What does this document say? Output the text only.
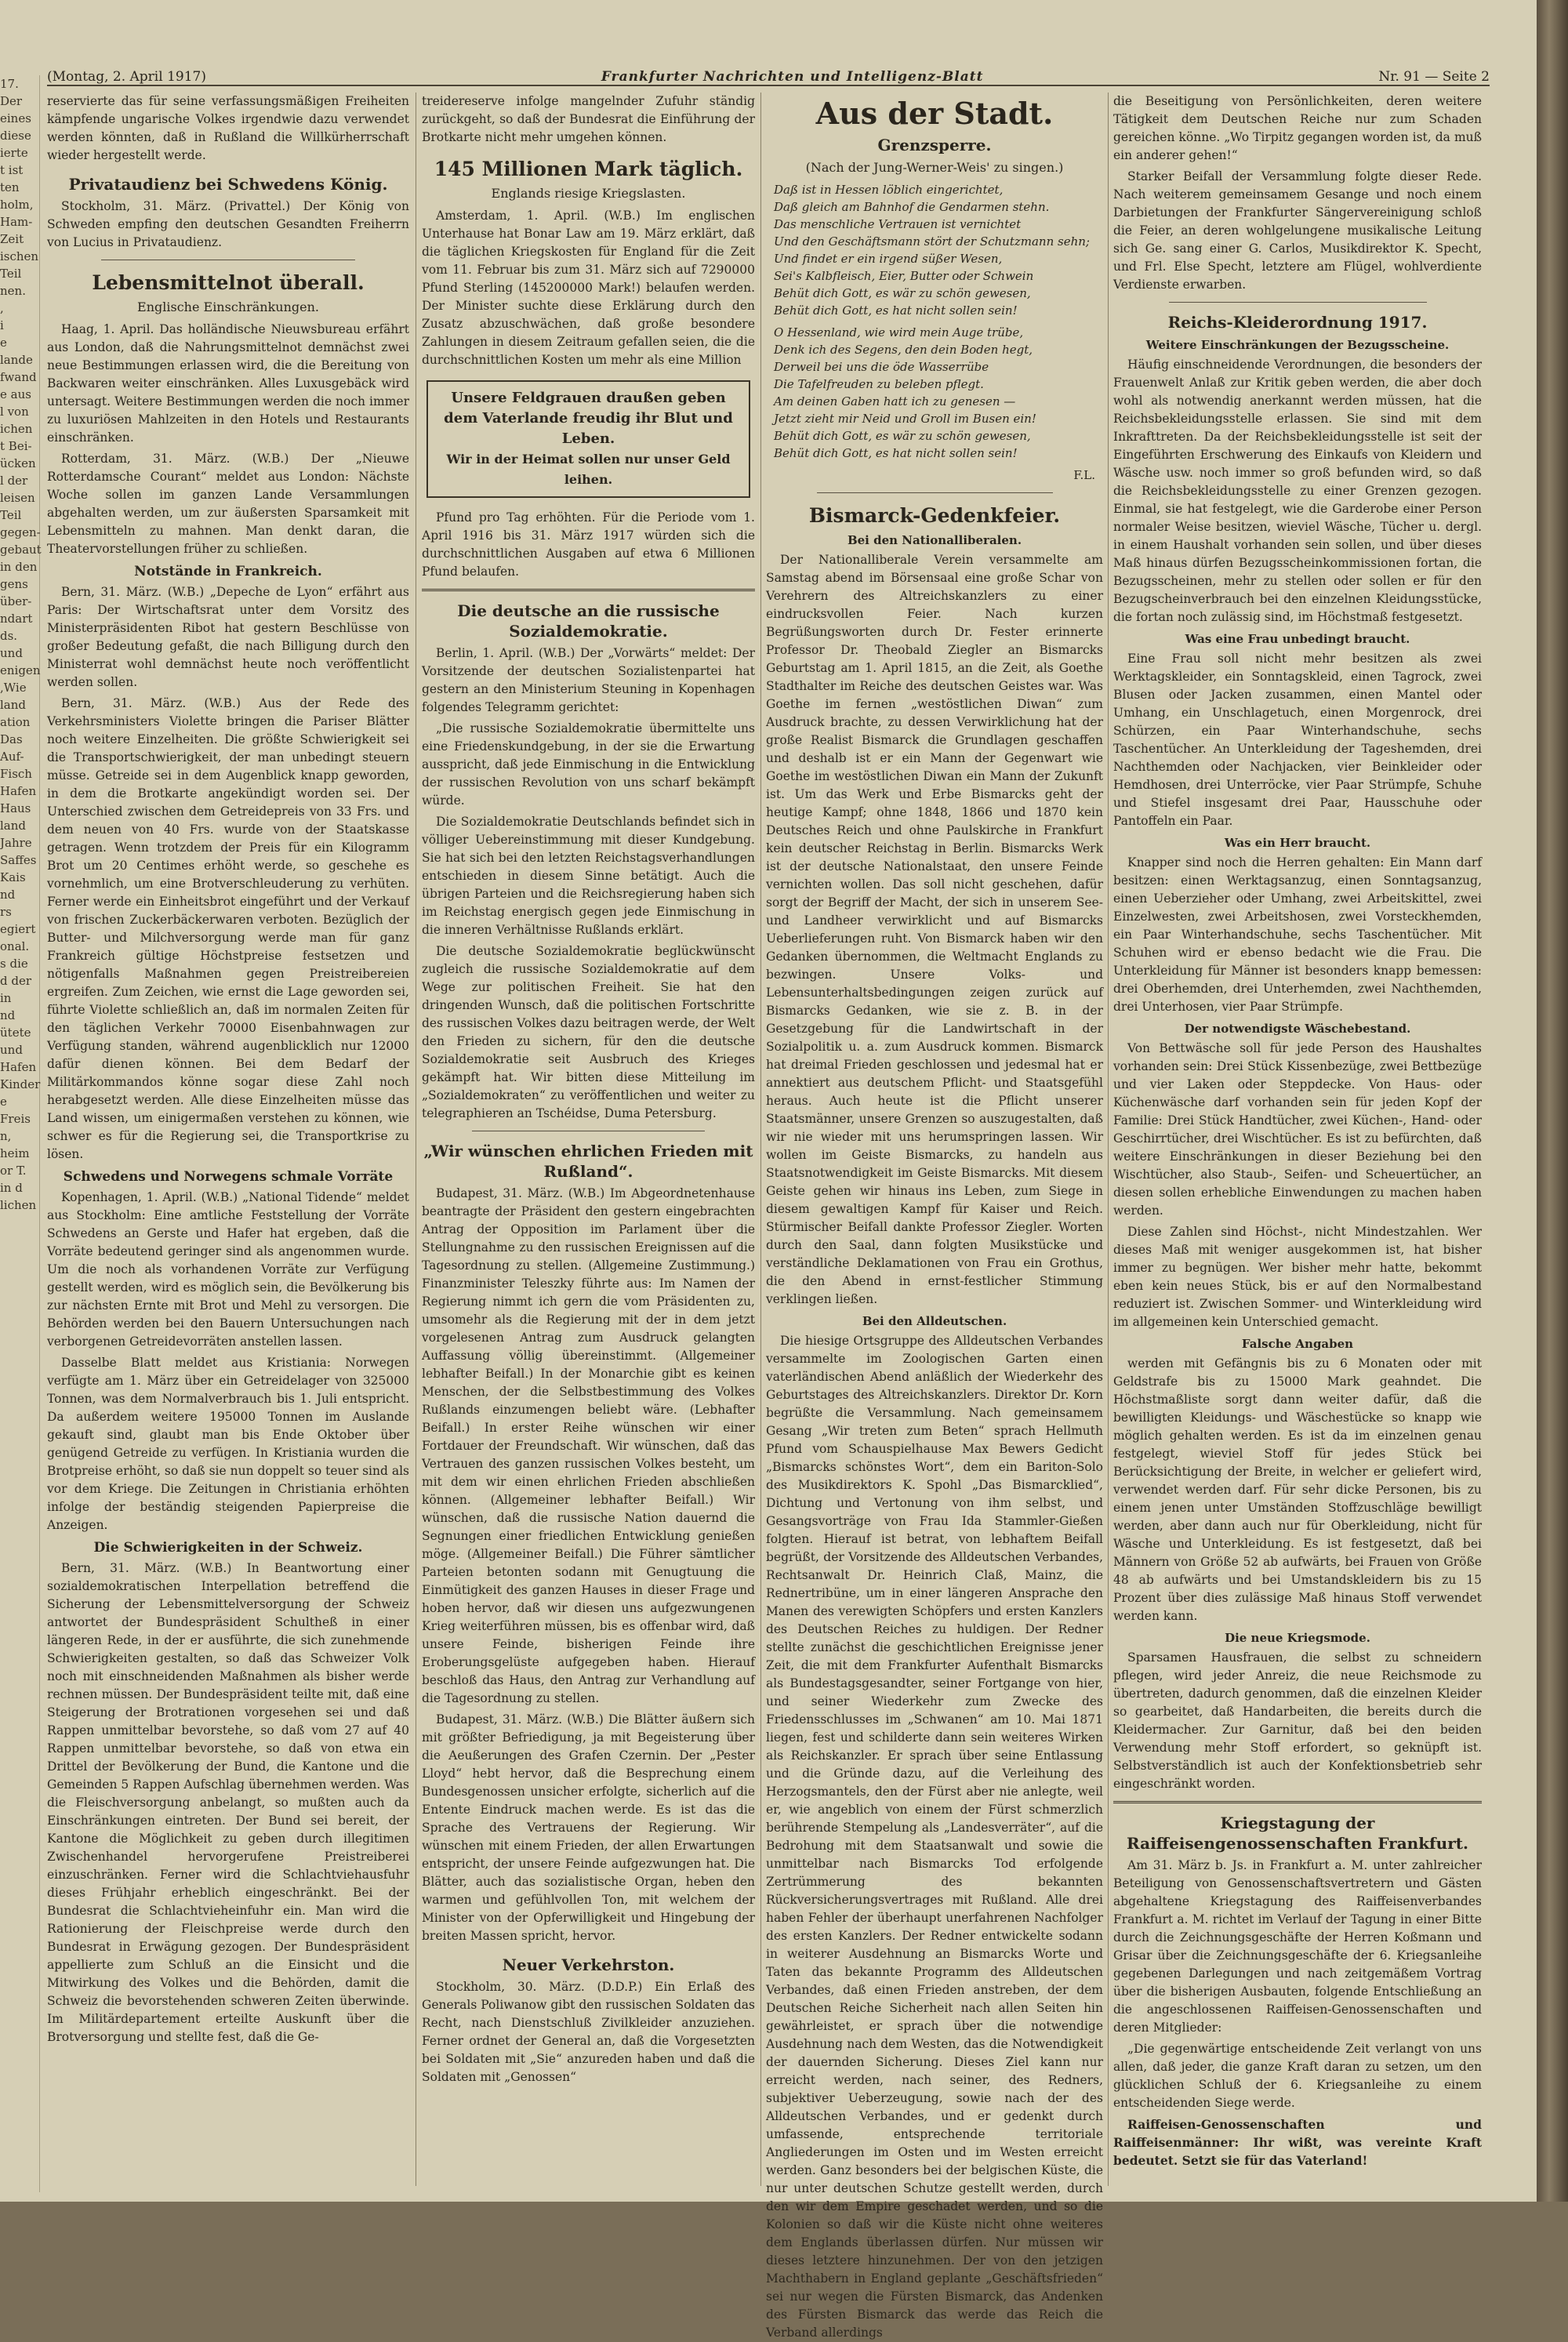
17.
Der
eines
diese
ierte
t ist
ten
holm,
Ham-
Zeit
ischen
Teil
nen.
,
i
e
lande
fwand
e aus
l von
ichen
t Bei-
ücken
l der
leisen
Teil
gegen-
gebaut
in den
gens
über-
ndart
ds.
und
enigen
,Wie
land
ation
Das
Auf-
Fisch
Hafen
Haus
land
Jahre
Saffes
Kais
nd
rs
egiert
onal.
s die
d der
in
nd
ütete
und
Hafen
Kinder
e
Freis
n,
heim
or T.
in d
lichen
(Montag, 2. April 1917)	Frankfurter Nachrichten und Intelligenz-Blatt	Nr. 91 — Seite 2

reservierte das für seine verfassungsmäßigen Freiheiten kämpfende ungarische Volkes irgendwie dazu verwendet werden könnten, daß in Rußland die Willkürherrschaft wieder hergestellt werde.

Privataudienz bei Schwedens König.

Stockholm, 31. März. (Privattel.) Der König von Schweden empfing den deutschen Gesandten Freiherrn von Lucius in Privataudienz.

Lebensmittelnot überall.
Englische Einschränkungen.

Haag, 1. April. Das holländische Nieuwsbureau erfährt aus London, daß die Nahrungsmittelnot demnächst zwei neue Bestimmungen erlassen wird, die die Bereitung von Backwaren weiter einschränken. Alles Luxusgebäck wird untersagt. Weitere Bestimmungen werden die noch immer zu luxuriösen Mahlzeiten in den Hotels und Restaurants einschränken.

Rotterdam, 31. März. (W.B.) Der „Nieuwe Rotterdamsche Courant“ meldet aus London: Nächste Woche sollen im ganzen Lande Versammlungen abgehalten werden, um zur äußersten Sparsamkeit mit Lebensmitteln zu mahnen. Man denkt daran, die Theatervorstellungen früher zu schließen.

Notstände in Frankreich.

Bern, 31. März. (W.B.) „Depeche de Lyon“ erfährt aus Paris: Der Wirtschaftsrat unter dem Vorsitz des Ministerpräsidenten Ribot hat gestern Beschlüsse von großer Bedeutung gefaßt, die nach Billigung durch den Ministerrat wohl demnächst heute noch veröffentlicht werden sollen.

Bern, 31. März. (W.B.) Aus der Rede des Verkehrsministers Violette bringen die Pariser Blätter noch weitere Einzelheiten. Die größte Schwierigkeit sei die Transportschwierigkeit, der man unbedingt steuern müsse. Getreide sei in dem Augenblick knapp geworden, in dem die Brotkarte angekündigt worden sei. Der Unterschied zwischen dem Getreidepreis von 33 Frs. und dem neuen von 40 Frs. wurde von der Staatskasse getragen. Wenn trotzdem der Preis für ein Kilogramm Brot um 20 Centimes erhöht werde, so geschehe es vornehmlich, um eine Brotverschleuderung zu verhüten. Ferner werde ein Einheitsbrot eingeführt und der Verkauf von frischen Zuckerbäckerwaren verboten. Bezüglich der Butter- und Milchversorgung werde man für ganz Frankreich gültige Höchstpreise festsetzen und nötigenfalls Maßnahmen gegen Preistreibereien ergreifen. Zum Zeichen, wie ernst die Lage geworden sei, führte Violette schließlich an, daß im normalen Zeiten für den täglichen Verkehr 70000 Eisenbahnwagen zur Verfügung standen, während augenblicklich nur 12000 dafür dienen können. Bei dem Bedarf der Militärkommandos könne sogar diese Zahl noch herabgesetzt werden. Alle diese Einzelheiten müsse das Land wissen, um einigermaßen verstehen zu können, wie schwer es für die Regierung sei, die Transportkrise zu lösen.

Schwedens und Norwegens schmale Vorräte

Kopenhagen, 1. April. (W.B.) „National Tidende“ meldet aus Stockholm: Eine amtliche Feststellung der Vorräte Schwedens an Gerste und Hafer hat ergeben, daß die Vorräte bedeutend geringer sind als angenommen wurde. Um die noch als vorhandenen Vorräte zur Verfügung gestellt werden, wird es möglich sein, die Bevölkerung bis zur nächsten Ernte mit Brot und Mehl zu versorgen. Die Behörden werden bei den Bauern Untersuchungen nach verborgenen Getreidevorräten anstellen lassen.

Dasselbe Blatt meldet aus Kristiania: Norwegen verfügte am 1. März über ein Getreidelager von 325000 Tonnen, was dem Normalverbrauch bis 1. Juli entspricht. Da außerdem weitere 195000 Tonnen im Auslande gekauft sind, glaubt man bis Ende Oktober über genügend Getreide zu verfügen. In Kristiania wurden die Brotpreise erhöht, so daß sie nun doppelt so teuer sind als vor dem Kriege. Die Zeitungen in Christiania erhöhten infolge der beständig steigenden Papierpreise die Anzeigen.

Die Schwierigkeiten in der Schweiz.

Bern, 31. März. (W.B.) In Beantwortung einer sozialdemokratischen Interpellation betreffend die Sicherung der Lebensmittelversorgung der Schweiz antwortet der Bundespräsident Schultheß in einer längeren Rede, in der er ausführte, die sich zunehmende Schwierigkeiten gestalten, so daß das Schweizer Volk noch mit einschneidenden Maßnahmen als bisher werde rechnen müssen. Der Bundespräsident teilte mit, daß eine Steigerung der Brotrationen vorgesehen sei und daß Rappen unmittelbar bevorstehe, so daß vom 27 auf 40 Rappen unmittelbar bevorstehe, so daß von etwa ein Drittel der Bevölkerung der Bund, die Kantone und die Gemeinden 5 Rappen Aufschlag übernehmen werden. Was die Fleischversorgung anbelangt, so mußten auch da Einschränkungen eintreten. Der Bund sei bereit, der Kantone die Möglichkeit zu geben durch illegitimen Zwischenhandel hervorgerufene Preistreiberei einzuschränken. Ferner wird die Schlachtviehausfuhr dieses Frühjahr erheblich eingeschränkt. Bei der Bundesrat die Schlachtvieheinfuhr ein. Man wird die Rationierung der Fleischpreise werde durch den Bundesrat in Erwägung gezogen. Der Bundespräsident appellierte zum Schluß an die Einsicht und die Mitwirkung des Volkes und die Behörden, damit die Schweiz die bevorstehenden schweren Zeiten überwinde. Im Militärdepartement erteilte Auskunft über die Brotversorgung und stellte fest, daß die Ge-

treidereserve infolge mangelnder Zufuhr ständig zurückgeht, so daß der Bundesrat die Einführung der Brotkarte nicht mehr umgehen können.

145 Millionen Mark täglich.
Englands riesige Kriegslasten.

Amsterdam, 1. April. (W.B.) Im englischen Unterhause hat Bonar Law am 19. März erklärt, daß die täglichen Kriegskosten für England für die Zeit vom 11. Februar bis zum 31. März sich auf 7290000 Pfund Sterling (145200000 Mark!) belaufen werden. Der Minister suchte diese Erklärung durch den Zusatz abzuschwächen, daß große besondere Zahlungen in diesem Zeitraum gefallen seien, die die durchschnittlichen Kosten um mehr als eine Million

Unsere Feldgrauen draußen geben dem Vaterlande freudig ihr Blut und Leben.
Wir in der Heimat sollen nur unser Geld leihen.

Pfund pro Tag erhöhten. Für die Periode vom 1. April 1916 bis 31. März 1917 würden sich die durchschnittlichen Ausgaben auf etwa 6 Millionen Pfund belaufen.

Die deutsche an die russische Sozialdemokratie.

Berlin, 1. April. (W.B.) Der „Vorwärts“ meldet: Der Vorsitzende der deutschen Sozialistenpartei hat gestern an den Ministerium Steuning in Kopenhagen folgendes Telegramm gerichtet:

„Die russische Sozialdemokratie übermittelte uns eine Friedenskundgebung, in der sie die Erwartung ausspricht, daß jede Einmischung in die Entwicklung der russischen Revolution von uns scharf bekämpft würde.

Die Sozialdemokratie Deutschlands befindet sich in völliger Uebereinstimmung mit dieser Kundgebung. Sie hat sich bei den letzten Reichstagsverhandlungen entschieden in diesem Sinne betätigt. Auch die übrigen Parteien und die Reichsregierung haben sich im Reichstag energisch gegen jede Einmischung in die inneren Verhältnisse Rußlands erklärt.

Die deutsche Sozialdemokratie beglückwünscht zugleich die russische Sozialdemokratie auf dem Wege zur politischen Freiheit. Sie hat den dringenden Wunsch, daß die politischen Fortschritte des russischen Volkes dazu beitragen werde, der Welt den Frieden zu sichern, für den die deutsche Sozialdemokratie seit Ausbruch des Krieges gekämpft hat. Wir bitten diese Mitteilung im „Sozialdemokraten“ zu veröffentlichen und weiter zu telegraphieren an Tschéidse, Duma Petersburg.

„Wir wünschen ehrlichen Frieden mit Rußland“.

Budapest, 31. März. (W.B.) Im Abgeordnetenhause beantragte der Präsident den gestern eingebrachten Antrag der Opposition im Parlament über die Stellungnahme zu den russischen Ereignissen auf die Tagesordnung zu stellen. (Allgemeine Zustimmung.) Finanzminister Teleszky führte aus: Im Namen der Regierung nimmt ich gern die vom Präsidenten zu, umsomehr als die Regierung mit der in dem jetzt vorgelesenen Antrag zum Ausdruck gelangten Auffassung völlig übereinstimmt. (Allgemeiner lebhafter Beifall.) In der Monarchie gibt es keinen Menschen, der die Selbstbestimmung des Volkes Rußlands einzumengen beliebt wäre. (Lebhafter Beifall.) In erster Reihe wünschen wir einer Fortdauer der Freundschaft. Wir wünschen, daß das Vertrauen des ganzen russischen Volkes besteht, um mit dem wir einen ehrlichen Frieden abschließen können. (Allgemeiner lebhafter Beifall.) Wir wünschen, daß die russische Nation dauernd die Segnungen einer friedlichen Entwicklung genießen möge. (Allgemeiner Beifall.) Die Führer sämtlicher Parteien betonten sodann mit Genugtuung die Einmütigkeit des ganzen Hauses in dieser Frage und hoben hervor, daß wir diesen uns aufgezwungenen Krieg weiterführen müssen, bis es offenbar wird, daß unsere Feinde, bisherigen Feinde ihre Eroberungsgelüste aufgegeben haben. Hierauf beschloß das Haus, den Antrag zur Verhandlung auf die Tagesordnung zu stellen.

Budapest, 31. März. (W.B.) Die Blätter äußern sich mit größter Befriedigung, ja mit Begeisterung über die Aeußerungen des Grafen Czernin. Der „Pester Lloyd“ hebt hervor, daß die Besprechung einem Bundesgenossen unsicher erfolgte, sicherlich auf die Entente Eindruck machen werde. Es ist das die Sprache des Vertrauens der Regierung. Wir wünschen mit einem Frieden, der allen Erwartungen entspricht, der unsere Feinde aufgezwungen hat. Die Blätter, auch das sozialistische Organ, heben den warmen und gefühlvollen Ton, mit welchem der Minister von der Opferwilligkeit und Hingebung der breiten Massen spricht, hervor.

Neuer Verkehrston.

Stockholm, 30. März. (D.D.P.) Ein Erlaß des Generals Poliwanow gibt den russischen Soldaten das Recht, nach Dienstschluß Zivilkleider anzuziehen. Ferner ordnet der General an, daß die Vorgesetzten bei Soldaten mit „Sie“ anzureden haben und daß die Soldaten mit „Genossen“

Aus der Stadt.
Grenzsperre.
(Nach der Jung-Werner-Weis' zu singen.)
Daß ist in Hessen löblich eingerichtet,
Daß gleich am Bahnhof die Gendarmen stehn.
Das menschliche Vertrauen ist vernichtet
Und den Geschäftsmann stört der Schutzmann sehn;
Und findet er ein irgend süßer Wesen,
Sei's Kalbfleisch, Eier, Butter oder Schwein
Behüt dich Gott, es wär zu schön gewesen,
Behüt dich Gott, es hat nicht sollen sein!
O Hessenland, wie wird mein Auge trübe,
Denk ich des Segens, den dein Boden hegt,
Derweil bei uns die öde Wasserrübe
Die Tafelfreuden zu beleben pflegt.
Am deinen Gaben hatt ich zu genesen —
Jetzt zieht mir Neid und Groll im Busen ein!
Behüt dich Gott, es wär zu schön gewesen,
Behüt dich Gott, es hat nicht sollen sein!
F.L.
Bismarck-Gedenkfeier.
Bei den Nationalliberalen.

Der Nationalliberale Verein versammelte am Samstag abend im Börsensaal eine große Schar von Verehrern des Altreichskanzlers zu einer eindrucksvollen Feier. Nach kurzen Begrüßungsworten durch Dr. Fester erinnerte Professor Dr. Theobald Ziegler an Bismarcks Geburtstag am 1. April 1815, an die Zeit, als Goethe Stadthalter im Reiche des deutschen Geistes war. Was Goethe im fernen „westöstlichen Diwan“ zum Ausdruck brachte, zu dessen Verwirklichung hat der große Realist Bismarck die Grundlagen geschaffen und deshalb ist er ein Mann der Gegenwart wie Goethe im westöstlichen Diwan ein Mann der Zukunft ist. Um das Werk und Erbe Bismarcks geht der heutige Kampf; ohne 1848, 1866 und 1870 kein Deutsches Reich und ohne Paulskirche in Frankfurt kein deutscher Reichstag in Berlin. Bismarcks Werk ist der deutsche Nationalstaat, den unsere Feinde vernichten wollen. Das soll nicht geschehen, dafür sorgt der Begriff der Macht, der sich in unserem See- und Landheer verwirklicht und auf Bismarcks Ueberlieferungen ruht. Von Bismarck haben wir den Gedanken übernommen, die Weltmacht Englands zu bezwingen. Unsere Volks- und Lebensunterhaltsbedingungen zeigen zurück auf Bismarcks Gedanken, wie sie z. B. in der Gesetzgebung für die Landwirtschaft in der Sozialpolitik u. a. zum Ausdruck kommen. Bismarck hat dreimal Frieden geschlossen und jedesmal hat er annektiert aus deutschem Pflicht- und Staatsgefühl heraus. Auch heute ist die Pflicht unserer Staatsmänner, unsere Grenzen so auszugestalten, daß wir nie wieder mit uns herumspringen lassen. Wir wollen im Geiste Bismarcks, zu handeln aus Staatsnotwendigkeit im Geiste Bismarcks. Mit diesem Geiste gehen wir hinaus ins Leben, zum Siege in diesem gewaltigen Kampf für Kaiser und Reich. Stürmischer Beifall dankte Professor Ziegler. Worten durch den Saal, dann folgten Musikstücke und verständliche Deklamationen von Frau ein Grothus, die den Abend in ernst-festlicher Stimmung verklingen ließen.

Bei den Alldeutschen.

Die hiesige Ortsgruppe des Alldeutschen Verbandes versammelte im Zoologischen Garten einen vaterländischen Abend anläßlich der Wiederkehr des Geburtstages des Altreichskanzlers. Direktor Dr. Korn begrüßte die Versammlung. Nach gemeinsamem Gesang „Wir treten zum Beten“ sprach Hellmuth Pfund vom Schauspielhause Max Bewers Gedicht „Bismarcks schönstes Wort“, dem ein Bariton-Solo des Musikdirektors K. Spohl „Das Bismarcklied“, Dichtung und Vertonung von ihm selbst, und Gesangsvorträge von Frau Ida Stammler-Gießen folgten. Hierauf ist betrat, von lebhaftem Beifall begrüßt, der Vorsitzende des Alldeutschen Verbandes, Rechtsanwalt Dr. Heinrich Claß, Mainz, die Rednertribüne, um in einer längeren Ansprache den Manen des verewigten Schöpfers und ersten Kanzlers des Deutschen Reiches zu huldigen. Der Redner stellte zunächst die geschichtlichen Ereignisse jener Zeit, die mit dem Frankfurter Aufenthalt Bismarcks als Bundestagsgesandter, seiner Fortgange von hier, und seiner Wiederkehr zum Zwecke des Friedensschlusses im „Schwanen“ am 10. Mai 1871 liegen, fest und schilderte dann sein weiteres Wirken als Reichskanzler. Er sprach über seine Entlassung und die Gründe dazu, auf die Verleihung des Herzogsmantels, den der Fürst aber nie anlegte, weil er, wie angeblich von einem der Fürst schmerzlich berührende Stempelung als „Landesverräter“, auf die Bedrohung mit dem Staatsanwalt und sowie die unmittelbar nach Bismarcks Tod erfolgende Zertrümmerung des bekannten Rückversicherungsvertrages mit Rußland. Alle drei haben Fehler der überhaupt unerfahrenen Nachfolger des ersten Kanzlers. Der Redner entwickelte sodann in weiterer Ausdehnung an Bismarcks Worte und Taten das bekannte Programm des Alldeutschen Verbandes, daß einen Frieden anstreben, der dem Deutschen Reiche Sicherheit nach allen Seiten hin gewährleistet, er sprach über die notwendige Ausdehnung nach dem Westen, das die Notwendigkeit der dauernden Sicherung. Dieses Ziel kann nur erreicht werden, nach seiner, des Redners, subjektiver Ueberzeugung, sowie nach der des Alldeutschen Verbandes, und er gedenkt durch umfassende, entsprechende territoriale Angliederungen im Osten und im Westen erreicht werden. Ganz besonders bei der belgischen Küste, die nur unter deutschen Schutze gestellt werden, durch den wir dem Empire geschadet werden, und so die Kolonien so daß wir die Küste nicht ohne weiteres dem Englands überlassen dürfen. Nur müssen wir dieses letztere hinzunehmen. Der von den jetzigen Machthabern in England geplante „Geschäftsfrieden“ sei nur wegen die Fürsten Bismarck, das Andenken des Fürsten Bismarck das werde das Reich die Verband allerdings

die Beseitigung von Persönlichkeiten, deren weitere Tätigkeit dem Deutschen Reiche nur zum Schaden gereichen könne. „Wo Tirpitz gegangen worden ist, da muß ein anderer gehen!“

Starker Beifall der Versammlung folgte dieser Rede. Nach weiterem gemeinsamem Gesange und noch einem Darbietungen der Frankfurter Sängervereinigung schloß die Feier, an deren wohlgelungene musikalische Leitung sich Ge. sang einer G. Carlos, Musikdirektor K. Specht, und Frl. Else Specht, letztere am Flügel, wohlverdiente Verdienste erwarben.

Reichs-Kleiderordnung 1917.
Weitere Einschränkungen der Bezugsscheine.

Häufig einschneidende Verordnungen, die besonders der Frauenwelt Anlaß zur Kritik geben werden, die aber doch wohl als notwendig anerkannt werden müssen, hat die Reichsbekleidungsstelle erlassen. Sie sind mit dem Inkrafttreten. Da der Reichsbekleidungsstelle ist seit der Eingeführten Erschwerung des Einkaufs von Kleidern und Wäsche usw. noch immer so groß befunden wird, so daß die Reichsbekleidungsstelle zu einer Grenzen gezogen. Einmal, sie hat festgelegt, wie die Garderobe einer Person normaler Weise besitzen, wieviel Wäsche, Tücher u. dergl. in einem Haushalt vorhanden sein sollen, und über dieses Maß hinaus dürfen Bezugsscheinkommissionen fortan, die Bezugsscheinen, mehr zu stellen oder sollen er für den Bezugscheinverbrauch bei den einzelnen Kleidungsstücke, die fortan noch zulässig sind, im Höchstmaß festgesetzt.

Was eine Frau unbedingt braucht.

Eine Frau soll nicht mehr besitzen als zwei Werktagskleider, ein Sonntagskleid, einen Tagrock, zwei Blusen oder Jacken zusammen, einen Mantel oder Umhang, ein Unschlagetuch, einen Morgenrock, drei Schürzen, ein Paar Winterhandschuhe, sechs Taschentücher. An Unterkleidung der Tageshemden, drei Nachthemden oder Nachjacken, vier Beinkleider oder Hemdhosen, drei Unterröcke, vier Paar Strümpfe, Schuhe und Stiefel insgesamt drei Paar, Hausschuhe oder Pantoffeln ein Paar.

Was ein Herr braucht.

Knapper sind noch die Herren gehalten: Ein Mann darf besitzen: einen Werktagsanzug, einen Sonntagsanzug, einen Ueberzieher oder Umhang, zwei Arbeitskittel, zwei Einzelwesten, zwei Arbeitshosen, zwei Vorsteckhemden, ein Paar Winterhandschuhe, sechs Taschentücher. Mit Schuhen wird er ebenso bedacht wie die Frau. Die Unterkleidung für Männer ist besonders knapp bemessen: drei Oberhemden, drei Unterhemden, zwei Nachthemden, drei Unterhosen, vier Paar Strümpfe.

Der notwendigste Wäschebestand.

Von Bettwäsche soll für jede Person des Haushaltes vorhanden sein: Drei Stück Kissenbezüge, zwei Bettbezüge und vier Laken oder Steppdecke. Von Haus- oder Küchenwäsche darf vorhanden sein für jeden Kopf der Familie: Drei Stück Handtücher, zwei Küchen-, Hand- oder Geschirrtücher, drei Wischtücher. Es ist zu befürchten, daß weitere Einschränkungen in dieser Beziehung bei den Wischtücher, also Staub-, Seifen- und Scheuertücher, an diesen sollen erhebliche Einwendungen zu machen haben werden.

Diese Zahlen sind Höchst-, nicht Mindestzahlen. Wer dieses Maß mit weniger ausgekommen ist, hat bisher immer zu begnügen. Wer bisher mehr hatte, bekommt eben kein neues Stück, bis er auf den Normalbestand reduziert ist. Zwischen Sommer- und Winterkleidung wird im allgemeinen kein Unterschied gemacht.

Falsche Angaben

werden mit Gefängnis bis zu 6 Monaten oder mit Geldstrafe bis zu 15000 Mark geahndet. Die Höchstmaßliste sorgt dann weiter dafür, daß die bewilligten Kleidungs- und Wäschestücke so knapp wie möglich gehalten werden. Es ist da im einzelnen genau festgelegt, wieviel Stoff für jedes Stück bei Berücksichtigung der Breite, in welcher er geliefert wird, verwendet werden darf. Für sehr dicke Personen, bis zu einem jenen unter Umständen Stoffzuschläge bewilligt werden, aber dann auch nur für Oberkleidung, nicht für Wäsche und Unterkleidung. Es ist festgesetzt, daß bei Männern von Größe 52 ab aufwärts, bei Frauen von Größe 48 ab aufwärts und bei Umstandskleidern bis zu 15 Prozent über dies zulässige Maß hinaus Stoff verwendet werden kann.

Die neue Kriegsmode.

Sparsamen Hausfrauen, die selbst zu schneidern pflegen, wird jeder Anreiz, die neue Reichsmode zu übertreten, dadurch genommen, daß die einzelnen Kleider so gearbeitet, daß Handarbeiten, die bereits durch die Kleidermacher. Zur Garnitur, daß bei den beiden Verwendung mehr Stoff erfordert, so geknüpft ist. Selbstverständlich ist auch der Konfektionsbetrieb sehr eingeschränkt worden.

Kriegstagung der Raiffeisengenossenschaften Frankfurt.

Am 31. März b. Js. in Frankfurt a. M. unter zahlreicher Beteiligung von Genossenschaftsvertretern und Gästen abgehaltene Kriegstagung des Raiffeisenverbandes Frankfurt a. M. richtet im Verlauf der Tagung in einer Bitte durch die Zeichnungsgeschäfte der Herren Koßmann und Grisar über die Zeichnungsgeschäfte der 6. Kriegsanleihe gegebenen Darlegungen und nach zeitgemäßem Vortrag über die bisherigen Ausbauten, folgende Entschließung an die angeschlossenen Raiffeisen-Genossenschaften und deren Mitglieder:

„Die gegenwärtige entscheidende Zeit verlangt von uns allen, daß jeder, die ganze Kraft daran zu setzen, um den glücklichen Schluß der 6. Kriegsanleihe zu einem entscheidenden Siege werde.

Raiffeisen-Genossenschaften und Raiffeisenmänner: Ihr wißt, was vereinte Kraft bedeutet. Setzt sie für das Vaterland!
